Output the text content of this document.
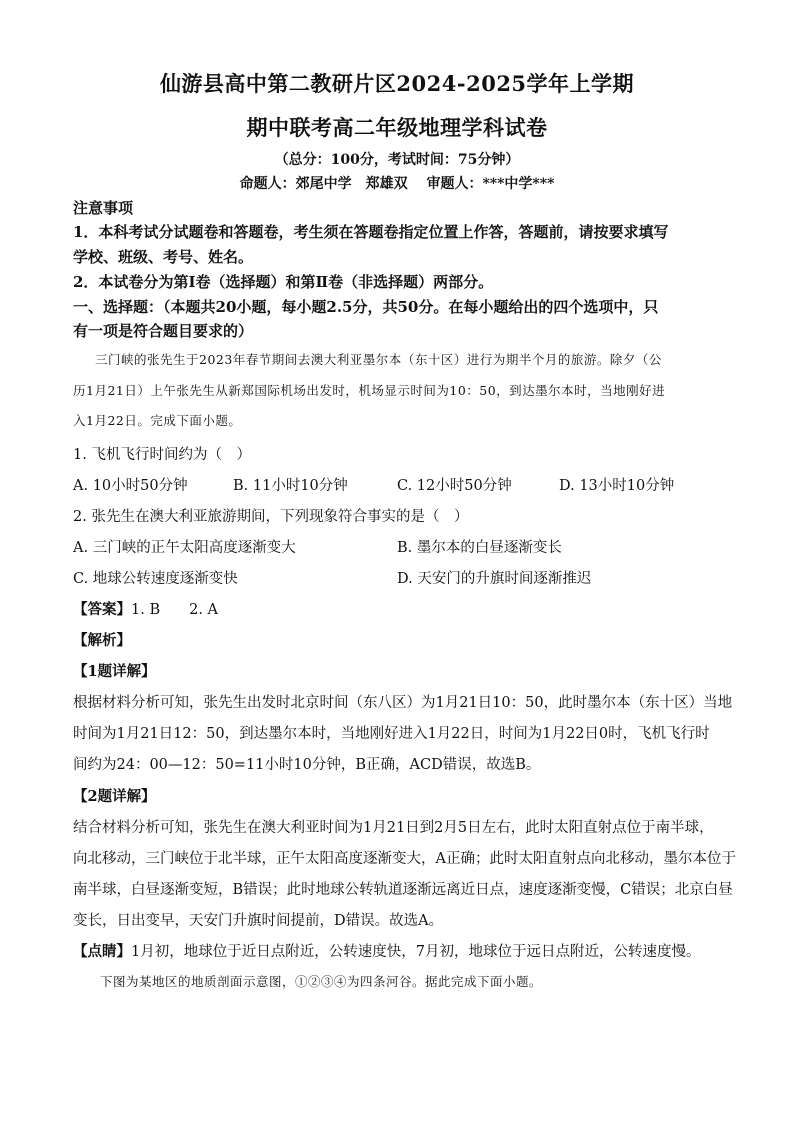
仙游县高中第二教研片区2024-2025学年上学期
期中联考高二年级地理学科试卷
（总分：100分，考试时间：75分钟）
命题人：郊尾中学　郑雄双　 审题人：***中学***
注意事项
1．本科考试分试题卷和答题卷，考生须在答题卷指定位置上作答，答题前，请按要求填写
学校、班级、考号、姓名。
2．本试卷分为第Ⅰ卷（选择题）和第Ⅱ卷（非选择题）两部分。
一、选择题：（本题共20小题，每小题2.5分，共50分。在每小题给出的四个选项中，只
有一项是符合题目要求的）
三门峡的张先生于2023年春节期间去澳大利亚墨尔本（东十区）进行为期半个月的旅游。除夕（公
历1月21日）上午张先生从新郑国际机场出发时，机场显示时间为10：50，到达墨尔本时，当地刚好进
入1月22日。完成下面小题。
1. 飞机飞行时间约为（　）
A. 10小时50分钟	B. 11小时10分钟	C. 12小时50分钟	D. 13小时10分钟
2. 张先生在澳大利亚旅游期间，下列现象符合事实的是（　）
A. 三门峡的正午太阳高度逐渐变大	B. 墨尔本的白昼逐渐变长
C. 地球公转速度逐渐变快	D. 天安门的升旗时间逐渐推迟
【答案】1. B　　2. A
【解析】
【1题详解】
根据材料分析可知，张先生出发时北京时间（东八区）为1月21日10：50，此时墨尔本（东十区）当地
时间为1月21日12：50，到达墨尔本时，当地刚好进入1月22日，时间为1月22日0时，飞机飞行时
间约为24：00—12：50=11小时10分钟，B正确，ACD错误，故选B。
【2题详解】
结合材料分析可知，张先生在澳大利亚时间为1月21日到2月5日左右，此时太阳直射点位于南半球，
向北移动，三门峡位于北半球，正午太阳高度逐渐变大，A正确；此时太阳直射点向北移动，墨尔本位于
南半球，白昼逐渐变短，B错误；此时地球公转轨道逐渐远离近日点，速度逐渐变慢，C错误；北京白昼
变长，日出变早，天安门升旗时间提前，D错误。故选A。
【点睛】1月初，地球位于近日点附近，公转速度快，7月初，地球位于远日点附近，公转速度慢。
下图为某地区的地质剖面示意图，①②③④为四条河谷。据此完成下面小题。
